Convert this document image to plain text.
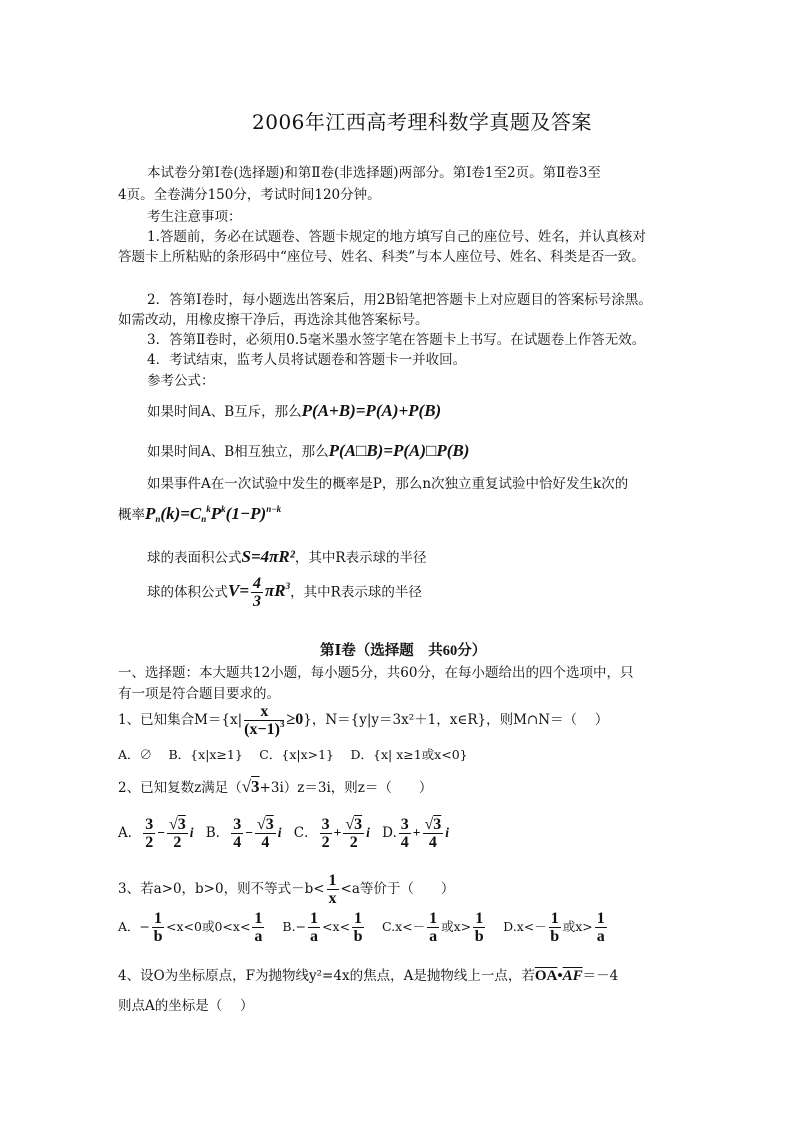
2006年江西高考理科数学真题及答案
本试卷分第Ⅰ卷(选择题)和第Ⅱ卷(非选择题)两部分。第Ⅰ卷1至2页。第Ⅱ卷3至
4页。全卷满分150分，考试时间120分钟。
考生注意事项：
1.答题前，务必在试题卷、答题卡规定的地方填写自己的座位号、姓名，并认真核对
答题卡上所粘贴的条形码中“座位号、姓名、科类”与本人座位号、姓名、科类是否一致。
2．答第Ⅰ卷时，每小题选出答案后，用2B铅笔把答题卡上对应题目的答案标号涂黑。
如需改动，用橡皮擦干净后，再选涂其他答案标号。
3．答第Ⅱ卷时，必须用0.5毫米墨水签字笔在答题卡上书写。在试题卷上作答无效。
4．考试结束，监考人员将试题卷和答题卡一并收回。
参考公式：
如果时间A、B互斥，那么P(A+B)=P(A)+P(B)
如果时间A、B相互独立，那么P(A□B)=P(A)□P(B)
如果事件A在一次试验中发生的概率是P，那么n次独立重复试验中恰好发生k次的
概率$P_n(k)=C_n^kP^k(1-P)^{n-k}$
球的表面积公式S=4πR²，其中R表示球的半径
球的体积公式$V= \frac{4}{3} \pi R^3$，其中R表示球的半径
第Ⅰ卷（选择题　共60分）
一、选择题：本大题共12小题，每小题5分，共60分，在每小题给出的四个选项中，只
有一项是符合题目要求的。
1、已知集合$M=\{x| \frac{x}{(x-1)^3} \ge 0\}$，N＝{y|y＝3x²＋1，x∈R}，则M∩N＝（　 ）
A．∅　 B．{x|x≥1}　 C．{x|x>1}　 D．{x| x≥1或x<0}
2、已知复数z满足（√3+3i）z＝3i，则z＝（　　）
A． $\frac{3}{2} - \frac{√3}{2}$ i B． $\frac{3}{4} - \frac{√3}{4}$ i C． $\frac{3}{2} + \frac{√3}{2}$ i D. $\frac{3}{4} + \frac{√3}{4}$ i
3、若a>0，b>0，则不等式$-b< \frac{1}{x} <a$等价于（　　）
A．− $\frac{1}{b} <x<0$或$0<x< \frac{1}{a} B.- \frac{1}{a} <x< \frac{1}{b} C.x<- \frac{1}{a}$ 或$x> \frac{1}{b} D.x<- \frac{1}{b}$ 或$x> \frac{1}{a}$
4、设O为坐标原点，F为抛物线y²=4x的焦点，A是抛物线上一点，若$\overline{OA}•\overline{AF}=-4$
则点A的坐标是（　 ）
